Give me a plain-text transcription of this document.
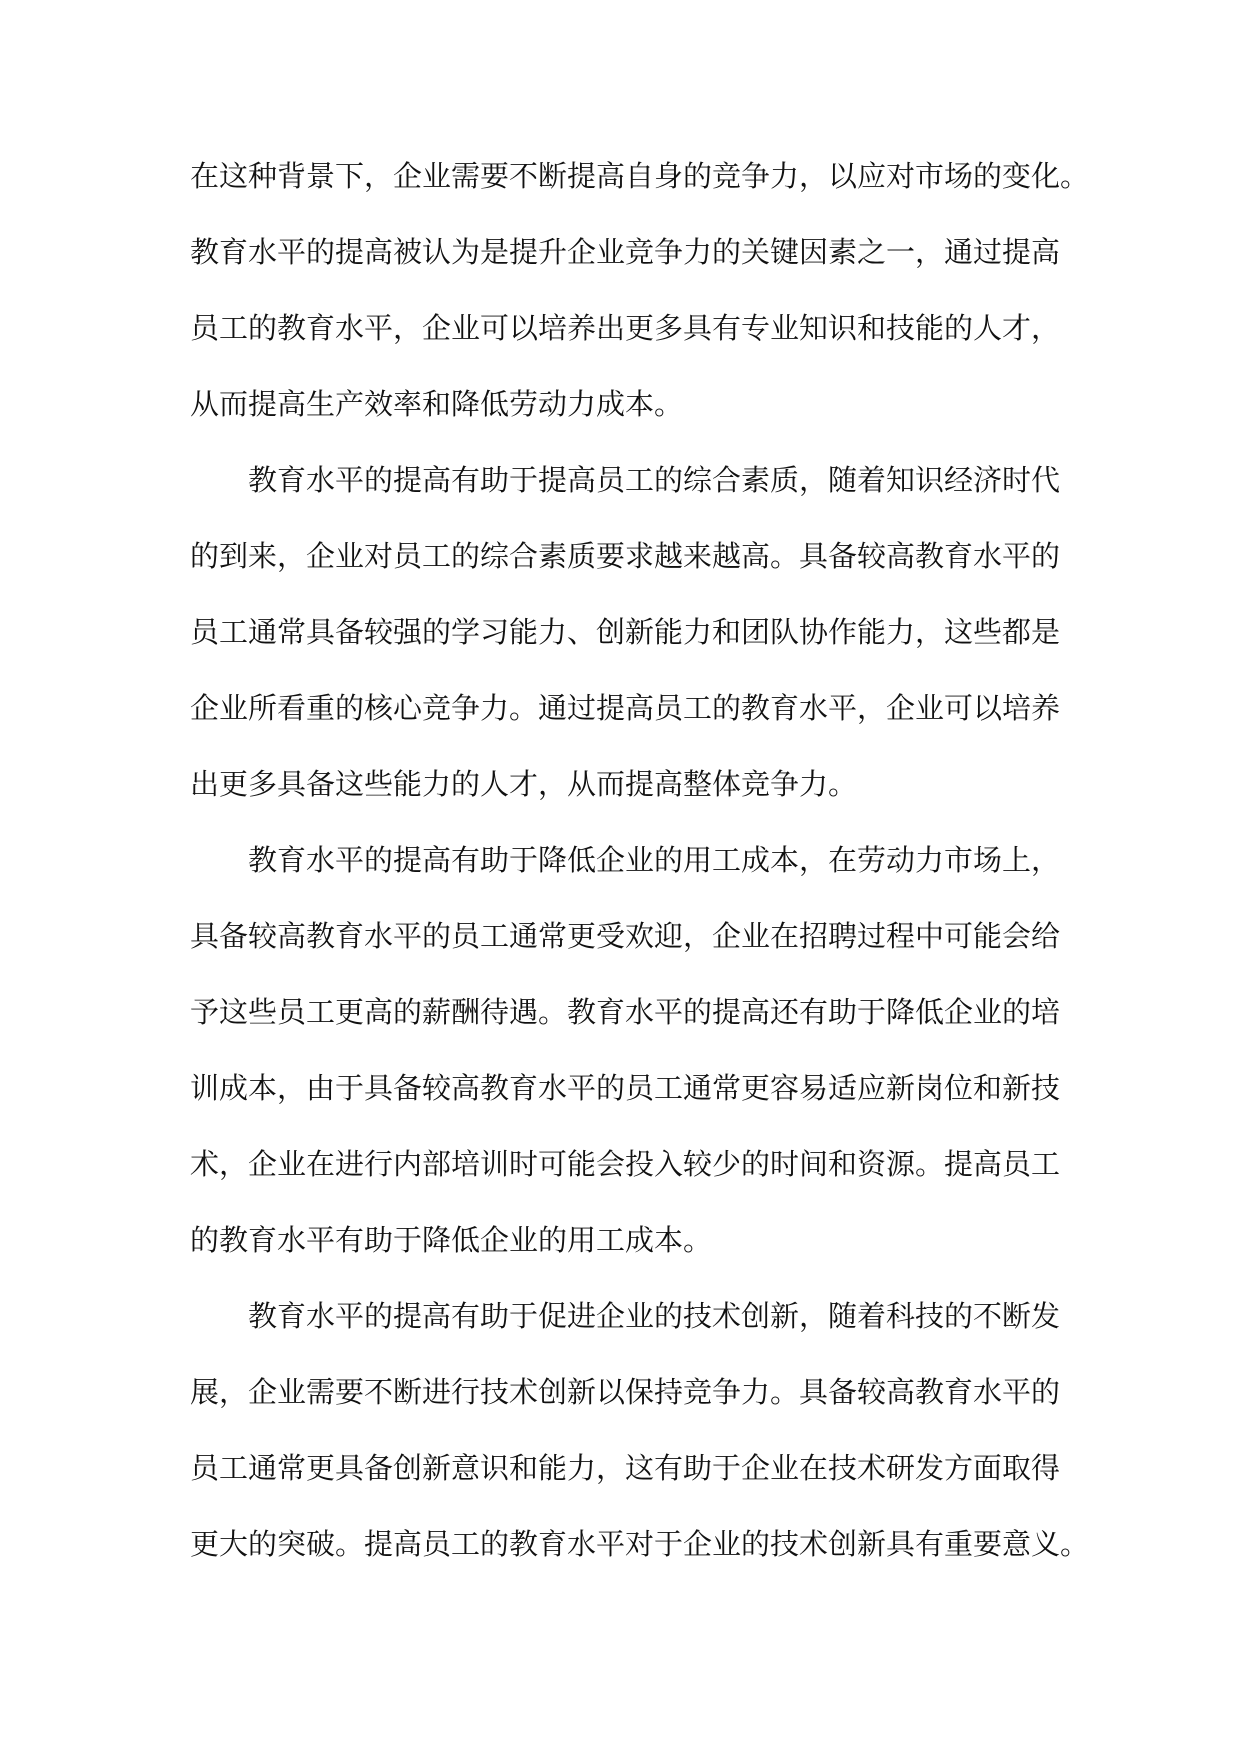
在这种背景下，企业需要不断提高自身的竞争力，以应对市场的变化。
教育水平的提高被认为是提升企业竞争力的关键因素之一，通过提高
员工的教育水平，企业可以培养出更多具有专业知识和技能的人才，
从而提高生产效率和降低劳动力成本。
教育水平的提高有助于提高员工的综合素质，随着知识经济时代
的到来，企业对员工的综合素质要求越来越高。具备较高教育水平的
员工通常具备较强的学习能力、创新能力和团队协作能力，这些都是
企业所看重的核心竞争力。通过提高员工的教育水平，企业可以培养
出更多具备这些能力的人才，从而提高整体竞争力。
教育水平的提高有助于降低企业的用工成本，在劳动力市场上，
具备较高教育水平的员工通常更受欢迎，企业在招聘过程中可能会给
予这些员工更高的薪酬待遇。教育水平的提高还有助于降低企业的培
训成本，由于具备较高教育水平的员工通常更容易适应新岗位和新技
术，企业在进行内部培训时可能会投入较少的时间和资源。提高员工
的教育水平有助于降低企业的用工成本。
教育水平的提高有助于促进企业的技术创新，随着科技的不断发
展，企业需要不断进行技术创新以保持竞争力。具备较高教育水平的
员工通常更具备创新意识和能力，这有助于企业在技术研发方面取得
更大的突破。提高员工的教育水平对于企业的技术创新具有重要意义。
